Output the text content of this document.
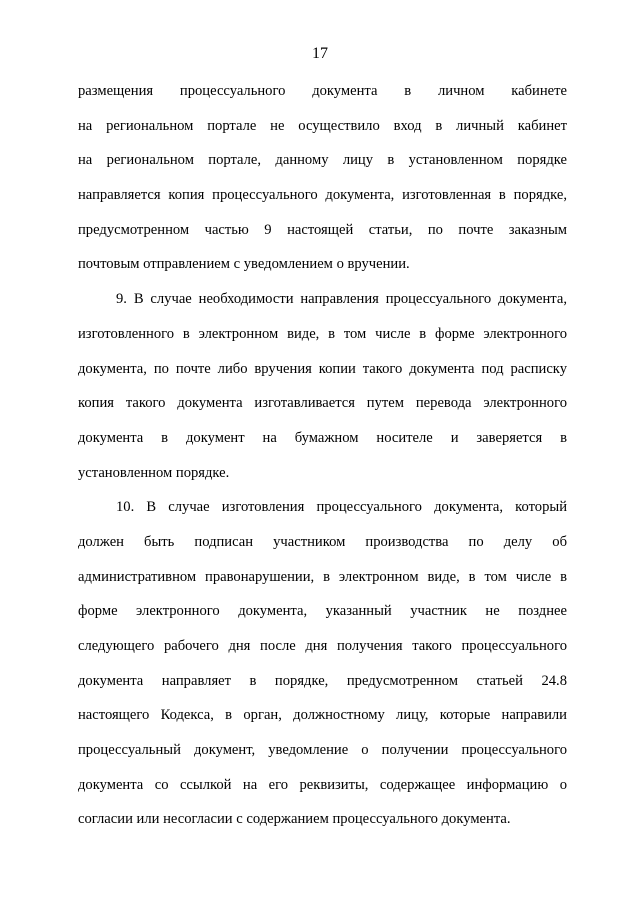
17
размещения процессуального документа в личном кабинете
на региональном портале не осуществило вход в личный кабинет
на региональном портале, данному лицу в установленном порядке
направляется копия процессуального документа, изготовленная в порядке,
предусмотренном частью 9 настоящей статьи, по почте заказным
почтовым отправлением с уведомлением о вручении.
9. В случае необходимости направления процессуального документа,
изготовленного в электронном виде, в том числе в форме электронного
документа, по почте либо вручения копии такого документа под расписку
копия такого документа изготавливается путем перевода электронного
документа в документ на бумажном носителе и заверяется в
установленном порядке.
10. В случае изготовления процессуального документа, который
должен быть подписан участником производства по делу об
административном правонарушении, в электронном виде, в том числе в
форме электронного документа, указанный участник не позднее
следующего рабочего дня после дня получения такого процессуального
документа направляет в порядке, предусмотренном статьей 24.8
настоящего Кодекса, в орган, должностному лицу, которые направили
процессуальный документ, уведомление о получении процессуального
документа со ссылкой на его реквизиты, содержащее информацию о
согласии или несогласии с содержанием процессуального документа.
